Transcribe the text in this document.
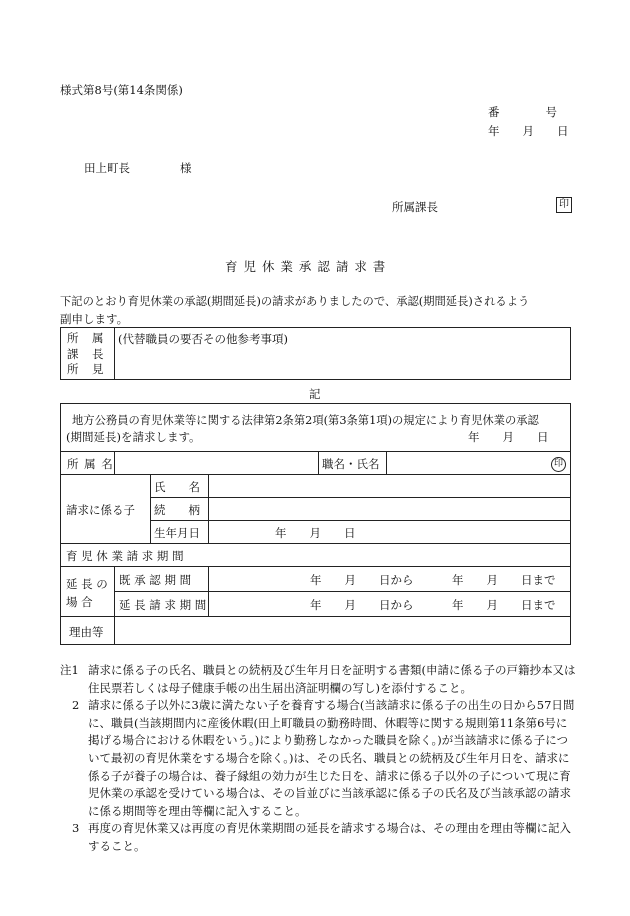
様式第8号(第14条関係)
番　　　　号
年　　月　　日
田上町長	様
所属課長	印
育 児 休 業 承 認 請 求 書
下記のとおり育児休業の承認(期間延長)の請求がありましたので、承認(期間延長)されるよう
副申します。
所　属
課　長
所　見
(代替職員の要否その他参考事項)
記
地方公務員の育児休業等に関する法律第2条第2項(第3条第1項)の規定により育児休業の承認
(期間延長)を請求します。	年　　月　　日
所 属 名	職名・氏名	印
請求に係る子
氏　　名
続　　柄
生年月日	年　　月　　日
育 児 休 業 請 求 期 間
延 長 の
場 合
既 承 認 期 間	年　　月　　日から	年　　月　　日まで
延 長 請 求 期 間	年　　月　　日から	年　　月　　日まで
理由等
注1 請求に係る子の氏名、職員との続柄及び生年月日を証明する書類(申請に係る子の戸籍抄本又は住民票若しくは母子健康手帳の出生届出済証明欄の写し)を添付すること。
2 請求に係る子以外に3歳に満たない子を養育する場合(当該請求に係る子の出生の日から57日間に、職員(当該期間内に産後休暇(田上町職員の勤務時間、休暇等に関する規則第11条第6号に掲げる場合における休暇をいう。)により勤務しなかった職員を除く。)が当該請求に係る子について最初の育児休業をする場合を除く。)は、その氏名、職員との続柄及び生年月日を、請求に係る子が養子の場合は、養子縁組の効力が生じた日を、請求に係る子以外の子について現に育児休業の承認を受けている場合は、その旨並びに当該承認に係る子の氏名及び当該承認の請求に係る期間等を理由等欄に記入すること。
3 再度の育児休業又は再度の育児休業期間の延長を請求する場合は、その理由を理由等欄に記入すること。
